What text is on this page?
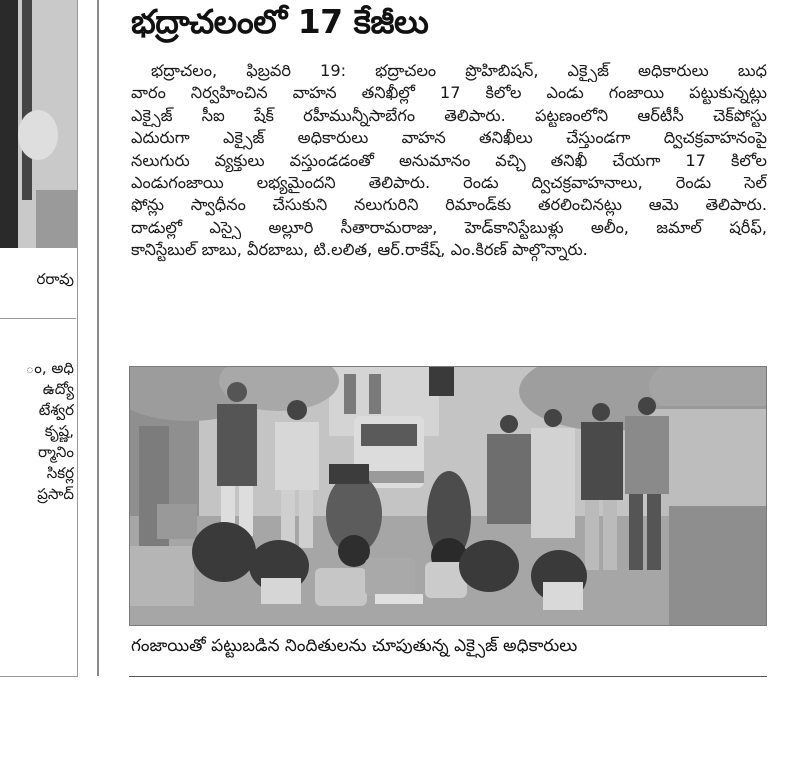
రరావు
ం, అధి
ఉద్యో
టేశ్వర
కృష్ణ,
ర్మానిం
సికర్ల
ప్రసాద్
భద్రాచలంలో 17 కేజీలు
భద్రాచలం, ఫిబ్రవరి 19: భద్రాచలం ప్రొహిబిషన్, ఎక్సైజ్ అధికారులు బుధ
వారం నిర్వహించిన వాహన తనిఖీల్లో 17 కిలోల ఎండు గంజాయి పట్టుకున్నట్లు
ఎక్సైజ్ సీఐ షేక్ రహీమున్నీసాబేగం తెలిపారు. పట్టణంలోని ఆర్‌టీసీ చెక్‌పోస్టు
ఎదురుగా ఎక్సైజ్ అధికారులు వాహన తనిఖీలు చేస్తుండగా ద్విచక్రవాహనంపై
నలుగురు వ్యక్తులు వస్తుండడంతో అనుమానం వచ్చి తనిఖీ చేయగా 17 కిలోల
ఎండుగంజాయి లభ్యమైందని తెలిపారు. రెండు ద్విచక్రవాహనాలు, రెండు సెల్
ఫోన్లు స్వాధీనం చేసుకుని నలుగురిని రిమాండ్‌కు తరలించినట్లు ఆమె తెలిపారు.
దాడుల్లో ఎస్సై అల్లూరి సీతారామరాజు, హెడ్‌కానిస్టేబుళ్లు అలీం, జమాల్ షరీఫ్,
కానిస్టేబుల్ బాబు, వీరబాబు, టి.లలిత, ఆర్.రాకేష్, ఎం.కిరణ్ పాల్గొన్నారు.
గంజాయితో పట్టుబడిన నిందితులను చూపుతున్న ఎక్సైజ్ అధికారులు
